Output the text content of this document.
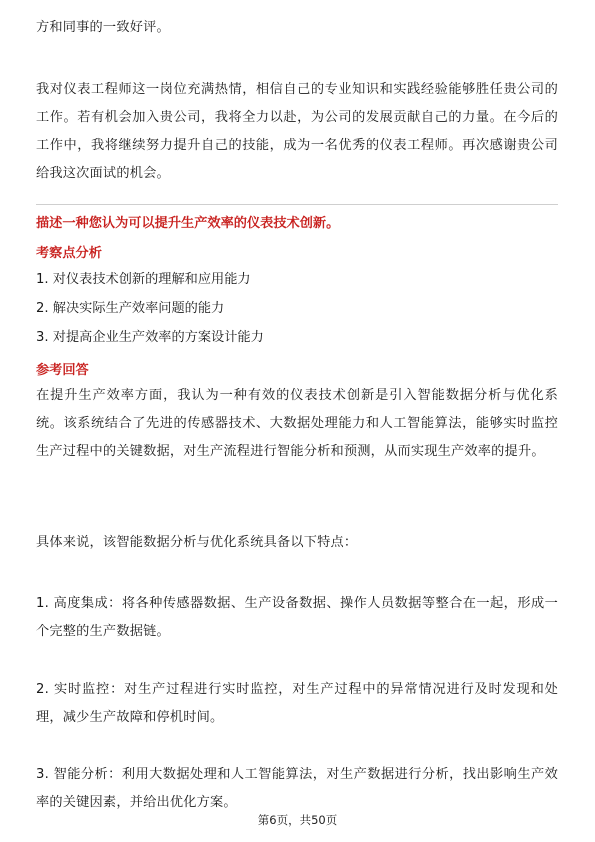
方和同事的一致好评。

我对仪表工程师这一岗位充满热情，相信自己的专业知识和实践经验能够胜任贵公司的工作。若有机会加入贵公司，我将全力以赴，为公司的发展贡献自己的力量。在今后的工作中，我将继续努力提升自己的技能，成为一名优秀的仪表工程师。再次感谢贵公司给我这次面试的机会。

描述一种您认为可以提升生产效率的仪表技术创新。

考察点分析

1. 对仪表技术创新的理解和应用能力

2. 解决实际生产效率问题的能力

3. 对提高企业生产效率的方案设计能力

参考回答

在提升生产效率方面，我认为一种有效的仪表技术创新是引入智能数据分析与优化系统。该系统结合了先进的传感器技术、大数据处理能力和人工智能算法，能够实时监控生产过程中的关键数据，对生产流程进行智能分析和预测，从而实现生产效率的提升。

具体来说，该智能数据分析与优化系统具备以下特点：

1. 高度集成：将各种传感器数据、生产设备数据、操作人员数据等整合在一起，形成一个完整的生产数据链。

2. 实时监控：对生产过程进行实时监控，对生产过程中的异常情况进行及时发现和处理，减少生产故障和停机时间。

3. 智能分析：利用大数据处理和人工智能算法，对生产数据进行分析，找出影响生产效率的关键因素，并给出优化方案。

第6页，共50页
